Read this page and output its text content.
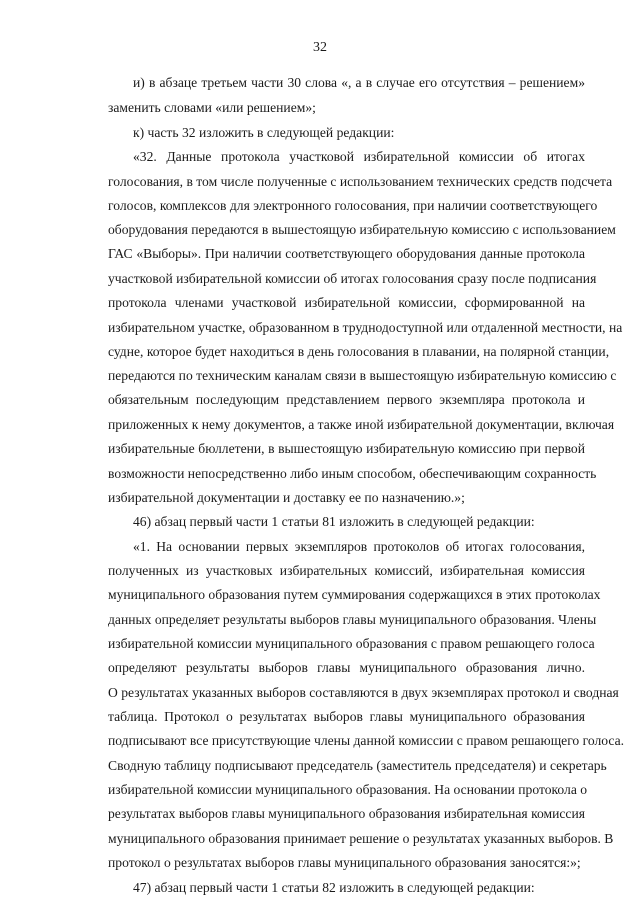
32
и) в абзаце третьем части 30 слова «, а в случае его отсутствия – решением»
заменить словами «или решением»;
к) часть 32 изложить в следующей редакции:
«32. Данные протокола участковой избирательной комиссии об итогах
голосования, в том числе полученные с использованием технических средств подсчета
голосов, комплексов для электронного голосования, при наличии соответствующего
оборудования передаются в вышестоящую избирательную комиссию с использованием
ГАС «Выборы». При наличии соответствующего оборудования данные протокола
участковой избирательной комиссии об итогах голосования сразу после подписания
протокола членами участковой избирательной комиссии, сформированной на
избирательном участке, образованном в труднодоступной или отдаленной местности, на
судне, которое будет находиться в день голосования в плавании, на полярной станции,
передаются по техническим каналам связи в вышестоящую избирательную комиссию с
обязательным последующим представлением первого экземпляра протокола и
приложенных к нему документов, а также иной избирательной документации, включая
избирательные бюллетени, в вышестоящую избирательную комиссию при первой
возможности непосредственно либо иным способом, обеспечивающим сохранность
избирательной документации и доставку ее по назначению.»;
46) абзац первый части 1 статьи 81 изложить в следующей редакции:
«1. На основании первых экземпляров протоколов об итогах голосования,
полученных из участковых избирательных комиссий, избирательная комиссия
муниципального образования путем суммирования содержащихся в этих протоколах
данных определяет результаты выборов главы муниципального образования. Члены
избирательной комиссии муниципального образования с правом решающего голоса
определяют результаты выборов главы муниципального образования лично.
О результатах указанных выборов составляются в двух экземплярах протокол и сводная
таблица. Протокол о результатах выборов главы муниципального образования
подписывают все присутствующие члены данной комиссии с правом решающего голоса.
Сводную таблицу подписывают председатель (заместитель председателя) и секретарь
избирательной комиссии муниципального образования. На основании протокола о
результатах выборов главы муниципального образования избирательная комиссия
муниципального образования принимает решение о результатах указанных выборов. В
протокол о результатах выборов главы муниципального образования заносятся:»;
47) абзац первый части 1 статьи 82 изложить в следующей редакции:
